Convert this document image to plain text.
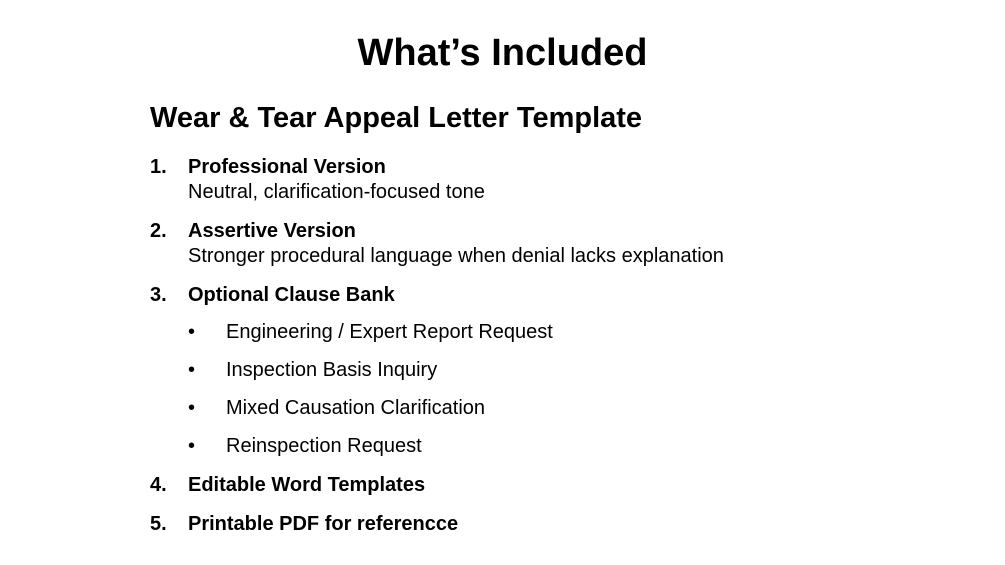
What’s Included
Wear & Tear Appeal Letter Template
1. Professional Version
Neutral, clarification-focused tone
2. Assertive Version
Stronger procedural language when denial lacks explanation
3. Optional Clause Bank
• Engineering / Expert Report Request
• Inspection Basis Inquiry
• Mixed Causation Clarification
• Reinspection Request
4. Editable Word Templates
5. Printable PDF for referencce
